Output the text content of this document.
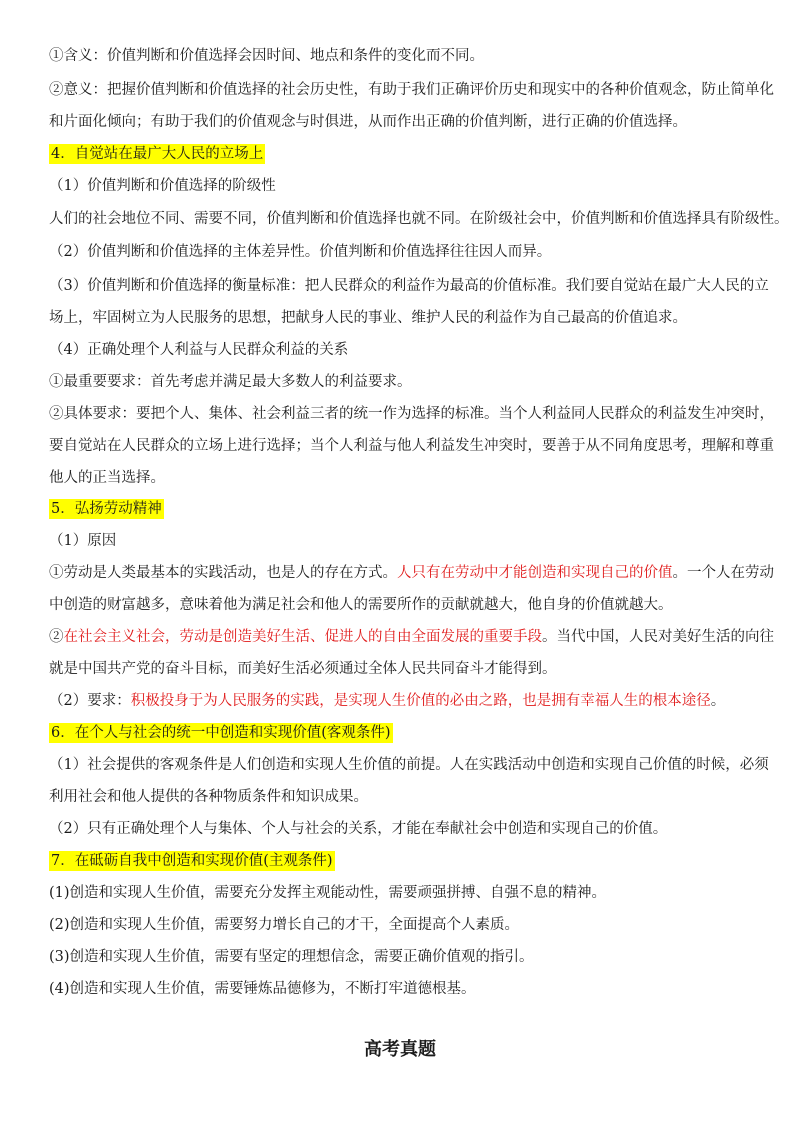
高考真题
①含义：价值判断和价值选择会因时间、地点和条件的变化而不同。
②意义：把握价值判断和价值选择的社会历史性，有助于我们正确评价历史和现实中的各种价值观念，防止简单化
和片面化倾向；有助于我们的价值观念与时俱进，从而作出正确的价值判断，进行正确的价值选择。
4．自觉站在最广大人民的立场上
（1）价值判断和价值选择的阶级性
人们的社会地位不同、需要不同，价值判断和价值选择也就不同。在阶级社会中，价值判断和价值选择具有阶级性。
（2）价值判断和价值选择的主体差异性。价值判断和价值选择往往因人而异。
（3）价值判断和价值选择的衡量标准：把人民群众的利益作为最高的价值标准。我们要自觉站在最广大人民的立
场上，牢固树立为人民服务的思想，把献身人民的事业、维护人民的利益作为自己最高的价值追求。
（4）正确处理个人利益与人民群众利益的关系
①最重要要求：首先考虑并满足最大多数人的利益要求。
②具体要求：要把个人、集体、社会利益三者的统一作为选择的标准。当个人利益同人民群众的利益发生冲突时，
要自觉站在人民群众的立场上进行选择；当个人利益与他人利益发生冲突时，要善于从不同角度思考，理解和尊重
他人的正当选择。
5．弘扬劳动精神
（1）原因
①劳动是人类最基本的实践活动，也是人的存在方式。人只有在劳动中才能创造和实现自己的价值。一个人在劳动
中创造的财富越多，意味着他为满足社会和他人的需要所作的贡献就越大，他自身的价值就越大。
②在社会主义社会，劳动是创造美好生活、促进人的自由全面发展的重要手段。当代中国，人民对美好生活的向往
就是中国共产党的奋斗目标，而美好生活必须通过全体人民共同奋斗才能得到。
（2）要求：积极投身于为人民服务的实践，是实现人生价值的必由之路，也是拥有幸福人生的根本途径。
6．在个人与社会的统一中创造和实现价值(客观条件)
（1）社会提供的客观条件是人们创造和实现人生价值的前提。人在实践活动中创造和实现自己价值的时候，必须
利用社会和他人提供的各种物质条件和知识成果。
（2）只有正确处理个人与集体、个人与社会的关系，才能在奉献社会中创造和实现自己的价值。
7．在砥砺自我中创造和实现价值(主观条件)
(1)创造和实现人生价值，需要充分发挥主观能动性，需要顽强拼搏、自强不息的精神。
(2)创造和实现人生价值，需要努力增长自己的才干，全面提高个人素质。
(3)创造和实现人生价值，需要有坚定的理想信念，需要正确价值观的指引。
(4)创造和实现人生价值，需要锤炼品德修为，不断打牢道德根基。
